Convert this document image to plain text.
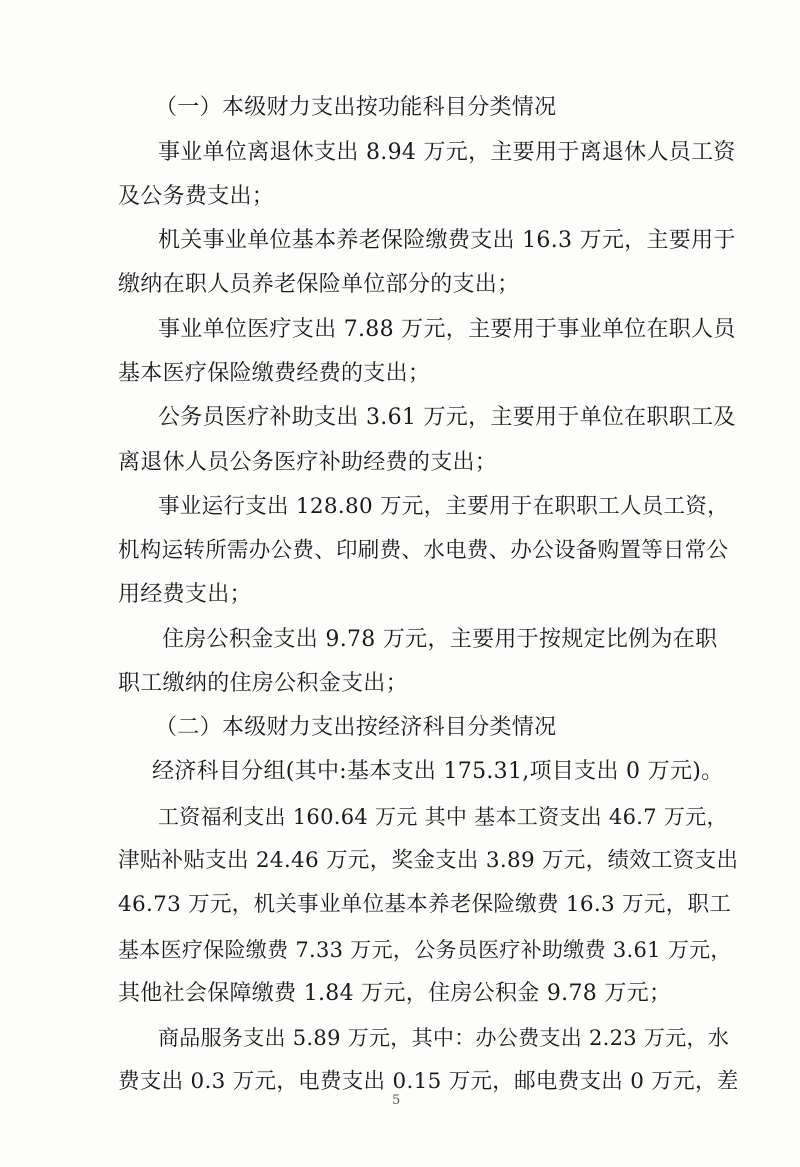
（一）本级财力支出按功能科目分类情况
事业单位离退休支出 8.94 万元，主要用于离退休人员工资
及公务费支出；
机关事业单位基本养老保险缴费支出 16.3 万元，主要用于
缴纳在职人员养老保险单位部分的支出；
事业单位医疗支出 7.88 万元，主要用于事业单位在职人员
基本医疗保险缴费经费的支出；
公务员医疗补助支出 3.61 万元，主要用于单位在职职工及
离退休人员公务医疗补助经费的支出；
事业运行支出 128.80 万元，主要用于在职职工人员工资，
机构运转所需办公费、印刷费、水电费、办公设备购置等日常公
用经费支出；
住房公积金支出 9.78 万元，主要用于按规定比例为在职
职工缴纳的住房公积金支出；
（二）本级财力支出按经济科目分类情况
经济科目分组(其中:基本支出 175.31,项目支出 0 万元)。
工资福利支出 160.64 万元 其中 基本工资支出 46.7 万元，
津贴补贴支出 24.46 万元，奖金支出 3.89 万元，绩效工资支出
46.73 万元，机关事业单位基本养老保险缴费 16.3 万元，职工
基本医疗保险缴费 7.33 万元，公务员医疗补助缴费 3.61 万元，
其他社会保障缴费 1.84 万元，住房公积金 9.78 万元；
商品服务支出 5.89 万元，其中：办公费支出 2.23 万元，水
费支出 0.3 万元，电费支出 0.15 万元，邮电费支出 0 万元，差
5
